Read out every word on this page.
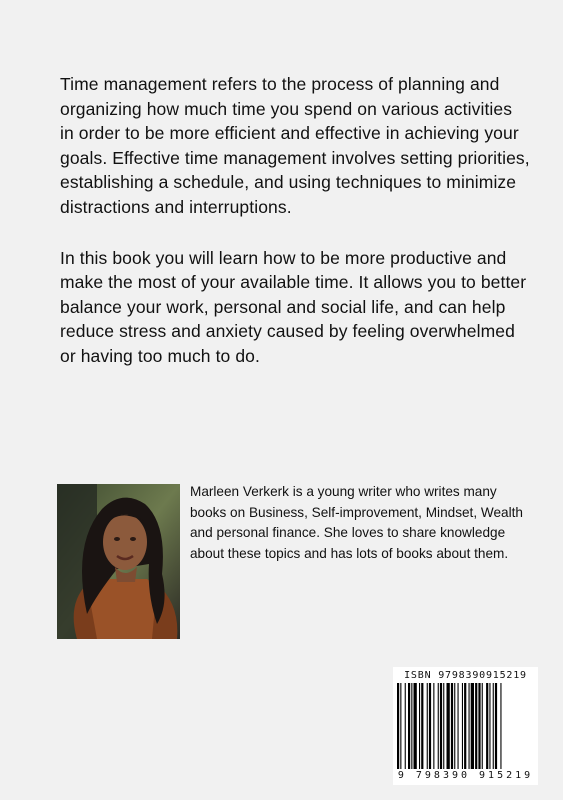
Time management refers to the process of planning and organizing how much time you spend on various activities in order to be more efficient and effective in achieving your goals. Effective time management involves setting priorities, establishing a schedule, and using techniques to minimize distractions and interruptions.

In this book you will learn how to be more productive and make the most of your available time. It allows you to better balance your work, personal and social life, and can help reduce stress and anxiety caused by feeling overwhelmed or having too much to do.

Marleen Verkerk is a young writer who writes many books on Business, Self-improvement, Mindset, Wealth and personal finance. She loves to share knowledge about these topics and has lots of books about them.
ISBN 9798390915219
9 798390 915219
